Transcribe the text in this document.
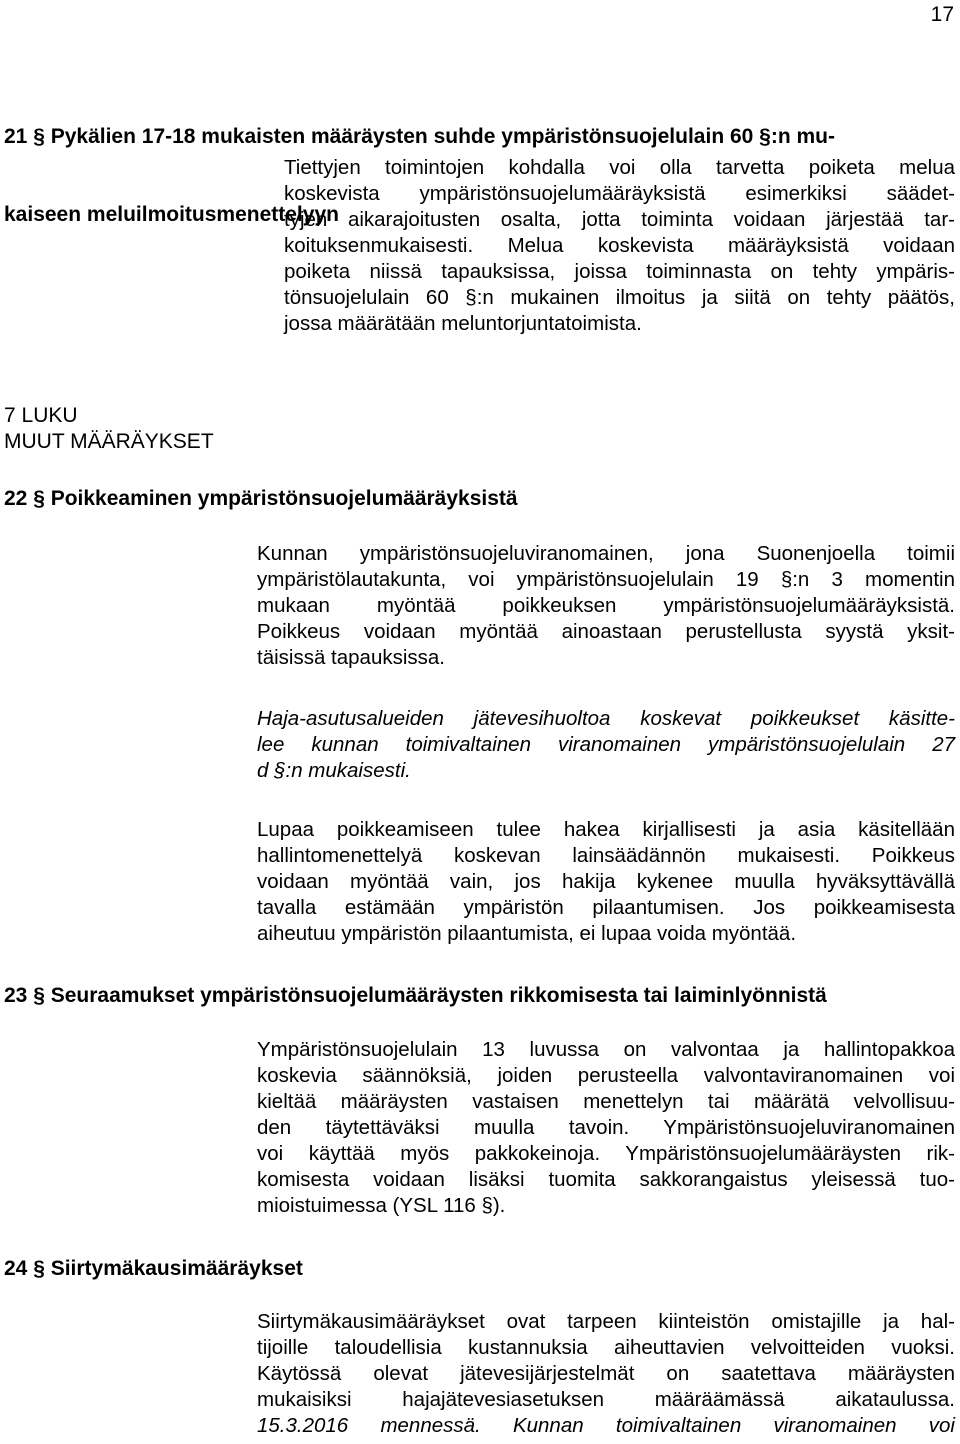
17

21 § Pykälien 17-18 mukaisten määräysten suhde ympäristönsuojelulain 60 §:n mu-

kaiseen meluilmoitusmenettelyyn

Tiettyjen toimintojen kohdalla voi olla tarvetta poiketa melua
koskevista ympäristönsuojelumääräyksistä esimerkiksi säädet-
tyjen aikarajoitusten osalta, jotta toiminta voidaan järjestää tar-
koituksenmukaisesti. Melua koskevista määräyksistä voidaan
poiketa niissä tapauksissa, joissa toiminnasta on tehty ympäris-
tönsuojelulain 60 §:n mukainen ilmoitus ja siitä on tehty päätös,
jossa määrätään meluntorjuntatoimista.
7 LUKU
MUUT MÄÄRÄYKSET
22 § Poikkeaminen ympäristönsuojelumääräyksistä
Kunnan ympäristönsuojeluviranomainen, jona Suonenjoella toimii
ympäristölautakunta, voi ympäristönsuojelulain 19 §:n 3 momentin
mukaan myöntää poikkeuksen ympäristönsuojelumääräyksistä.
Poikkeus voidaan myöntää ainoastaan perustellusta syystä yksit-
täisissä tapauksissa.
Haja-asutusalueiden jätevesihuoltoa koskevat poikkeukset käsitte-
lee kunnan toimivaltainen viranomainen ympäristönsuojelulain 27
d §:n mukaisesti.
Lupaa poikkeamiseen tulee hakea kirjallisesti ja asia käsitellään
hallintomenettelyä koskevan lainsäädännön mukaisesti. Poikkeus
voidaan myöntää vain, jos hakija kykenee muulla hyväksyttävällä
tavalla estämään ympäristön pilaantumisen. Jos poikkeamisesta
aiheutuu ympäristön pilaantumista, ei lupaa voida myöntää.
23 § Seuraamukset ympäristönsuojelumääräysten rikkomisesta tai laiminlyönnistä
Ympäristönsuojelulain 13 luvussa on valvontaa ja hallintopakkoa
koskevia säännöksiä, joiden perusteella valvontaviranomainen voi
kieltää määräysten vastaisen menettelyn tai määrätä velvollisuu-
den täytettäväksi muulla tavoin. Ympäristönsuojeluviranomainen
voi käyttää myös pakkokeinoja. Ympäristönsuojelumääräysten rik-
komisesta voidaan lisäksi tuomita sakkorangaistus yleisessä tuo-
mioistuimessa (YSL 116 §).
24 § Siirtymäkausimääräykset
Siirtymäkausimääräykset ovat tarpeen kiinteistön omistajille ja hal-
tijoille taloudellisia kustannuksia aiheuttavien velvoitteiden vuoksi.
Käytössä olevat jätevesijärjestelmät on saatettava määräysten
mukaisiksi hajajätevesiasetuksen määräämässä aikataulussa.
15.3.2016 mennessä. Kunnan toimivaltainen viranomainen voi
